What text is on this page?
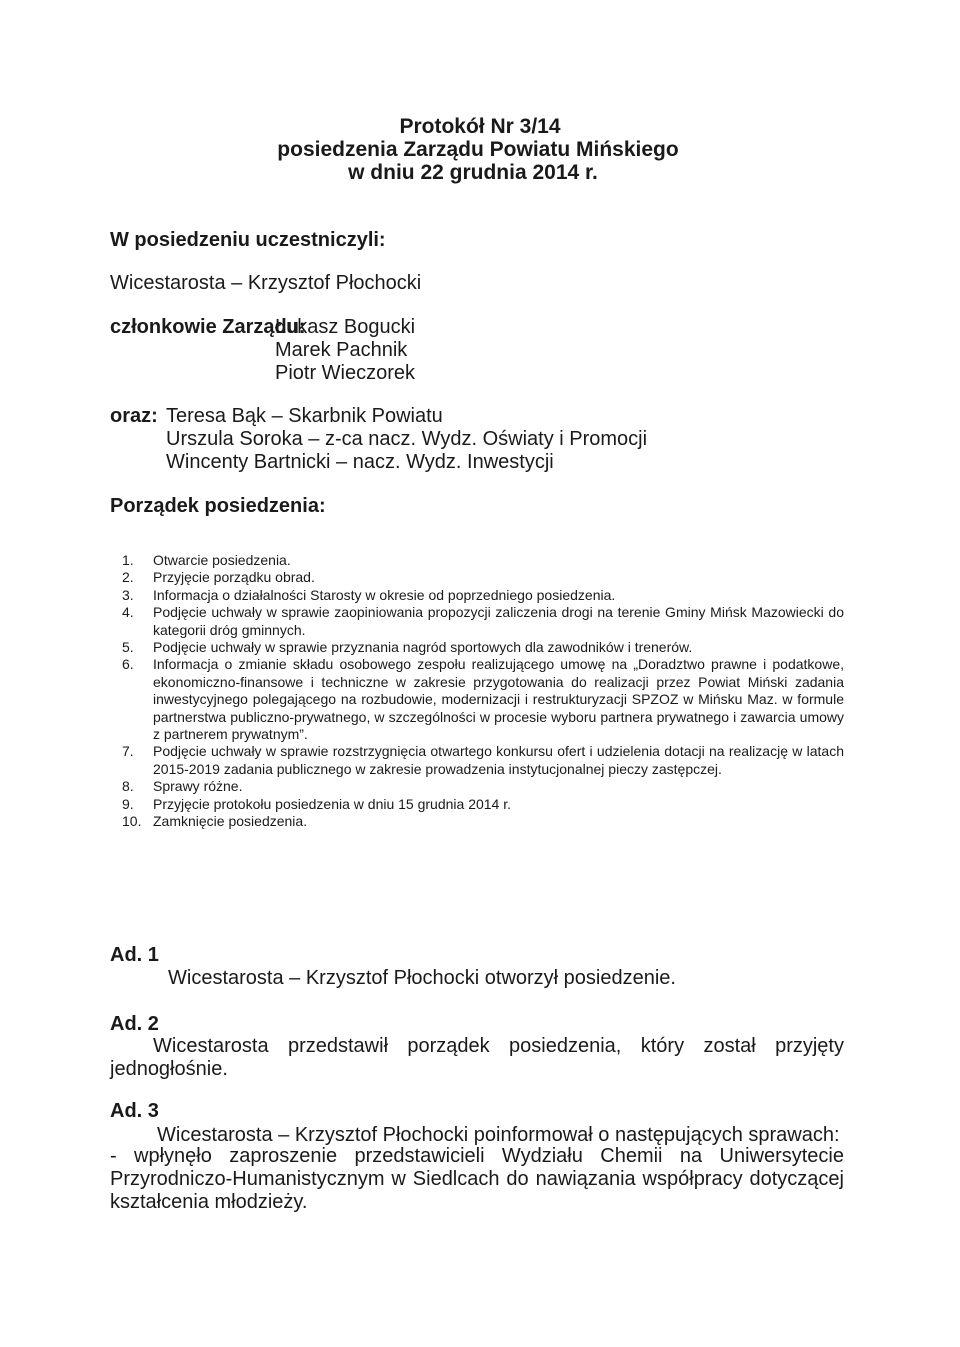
Protokół Nr 3/14
posiedzenia Zarządu Powiatu Mińskiego
w dniu 22 grudnia 2014 r.
W posiedzeniu uczestniczyli:
Wicestarosta – Krzysztof Płochocki
członkowie Zarządu:
Łukasz Bogucki
Marek Pachnik
Piotr Wieczorek
oraz: Teresa Bąk – Skarbnik Powiatu
Urszula Soroka – z-ca nacz. Wydz. Oświaty i Promocji
Wincenty Bartnicki – nacz. Wydz. Inwestycji
Porządek posiedzenia:
1.	Otwarcie posiedzenia.
2.	Przyjęcie porządku obrad.
3.	Informacja o działalności Starosty w okresie od poprzedniego posiedzenia.
4.	Podjęcie uchwały w sprawie zaopiniowania propozycji zaliczenia drogi na terenie Gminy Mińsk Mazowiecki do kategorii dróg gminnych.
5.	Podjęcie uchwały w sprawie przyznania nagród sportowych dla zawodników i trenerów.
6.	Informacja o zmianie składu osobowego zespołu realizującego umowę na „Doradztwo prawne i podatkowe, ekonomiczno-finansowe i techniczne w zakresie przygotowania do realizacji przez Powiat Miński zadania inwestycyjnego polegającego na rozbudowie, modernizacji i restrukturyzacji SPZOZ w Mińsku Maz. w formule partnerstwa publiczno-prywatnego, w szczególności w procesie wyboru partnera prywatnego i zawarcia umowy z partnerem prywatnym”.
7.	Podjęcie uchwały w sprawie rozstrzygnięcia otwartego konkursu ofert i udzielenia dotacji na realizację w latach 2015-2019 zadania publicznego w zakresie prowadzenia instytucjonalnej pieczy zastępczej.
8.	Sprawy różne.
9.	Przyjęcie protokołu posiedzenia w dniu 15 grudnia 2014 r.
10. Zamknięcie posiedzenia.
Ad. 1
Wicestarosta – Krzysztof Płochocki otworzył posiedzenie.
Ad. 2
Wicestarosta przedstawił porządek posiedzenia, który został przyjęty jednogłośnie.
Ad. 3
Wicestarosta – Krzysztof Płochocki poinformował o następujących sprawach:
- wpłynęło zaproszenie przedstawicieli Wydziału Chemii na Uniwersytecie Przyrodniczo-Humanistycznym w Siedlcach do nawiązania współpracy dotyczącej kształcenia młodzieży.
